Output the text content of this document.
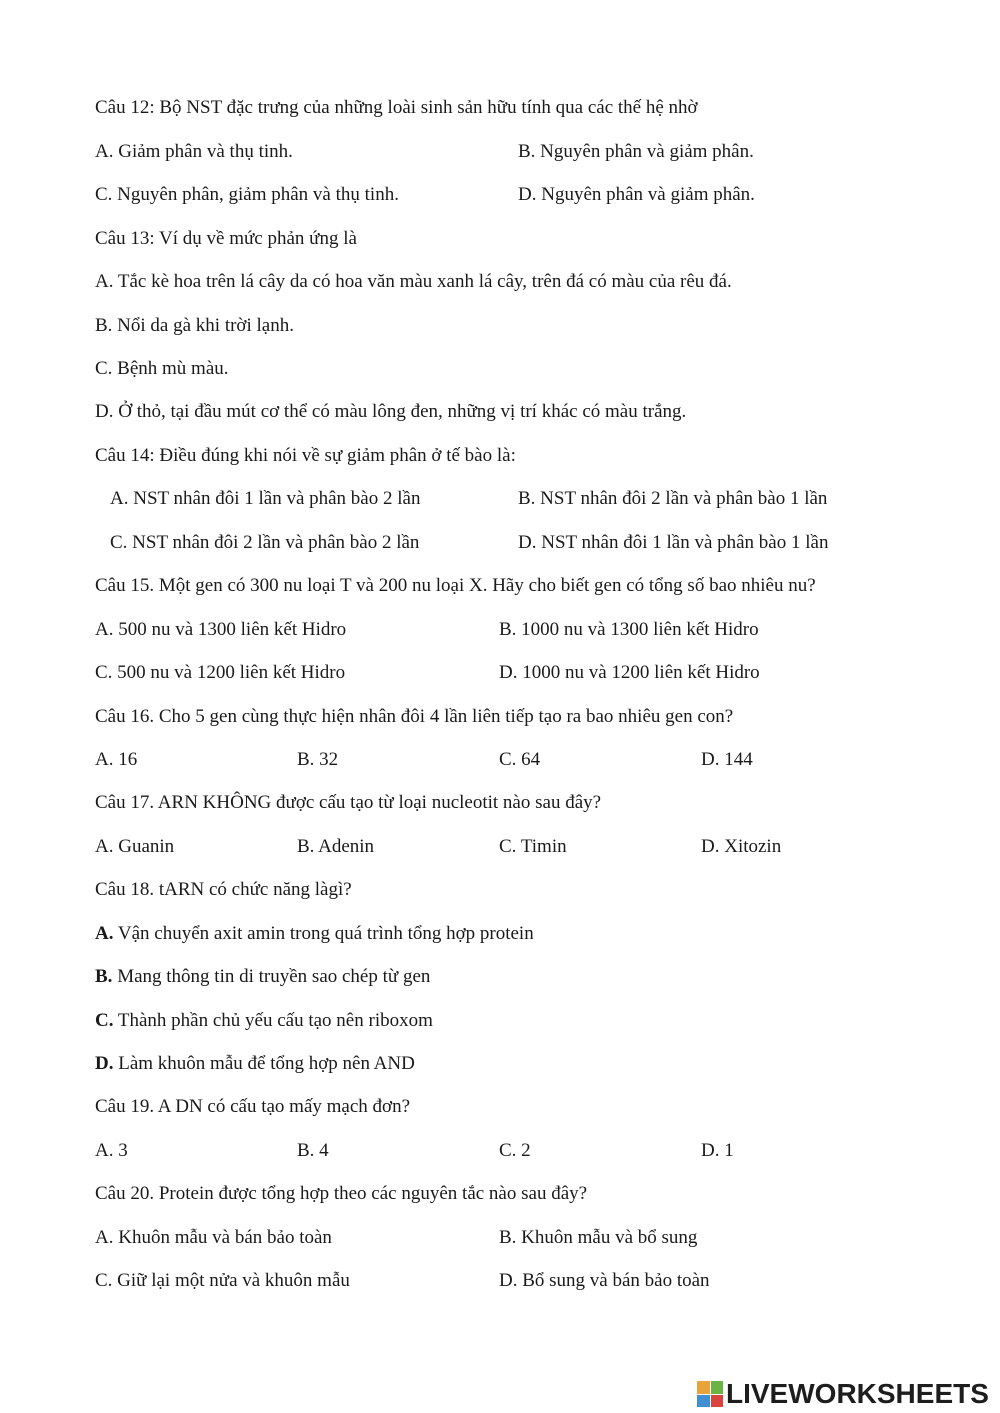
Câu 12: Bộ NST đặc trưng của những loài sinh sản hữu tính qua các thế hệ nhờ
A. Giảm phân và thụ tinh.	B. Nguyên phân và giảm phân.
C. Nguyên phân, giảm phân và thụ tinh.	D. Nguyên phân và giảm phân.
Câu 13: Ví dụ về mức phản ứng là
A. Tắc kè hoa trên lá cây da có hoa văn màu xanh lá cây, trên đá có màu của rêu đá.
B. Nổi da gà khi trời lạnh.
C. Bệnh mù màu.
D. Ở thỏ, tại đầu mút cơ thể có màu lông đen, những vị trí khác có màu trắng.
Câu 14: Điều đúng khi nói về sự giảm phân ở tế bào là:
A. NST nhân đôi 1 lần và phân bào 2 lần	B. NST nhân đôi 2 lần và phân bào 1 lần
C. NST nhân đôi 2 lần và phân bào 2 lần	D. NST nhân đôi 1 lần và phân bào 1 lần
Câu 15. Một gen có 300 nu loại T và 200 nu loại X. Hãy cho biết gen có tổng số bao nhiêu nu?
A. 500 nu và 1300 liên kết Hidro	B. 1000 nu và 1300 liên kết Hidro
C. 500 nu và 1200 liên kết Hidro	D. 1000 nu và 1200 liên kết Hidro
Câu 16. Cho 5 gen cùng thực hiện nhân đôi 4 lần liên tiếp tạo ra bao nhiêu gen con?
A. 16	B. 32	C. 64	D. 144
Câu 17. ARN KHÔNG được cấu tạo từ loại nucleotit nào sau đây?
A. Guanin	B. Adenin	C. Timin	D. Xitozin
Câu 18. tARN có chức năng làgì?
A. Vận chuyển axit amin trong quá trình tổng hợp protein
B. Mang thông tin di truyền sao chép từ gen
C. Thành phần chủ yếu cấu tạo nên riboxom
D. Làm khuôn mẫu để tổng hợp nên AND
Câu 19. A DN có cấu tạo mấy mạch đơn?
A. 3	B. 4	C. 2	D. 1
Câu 20. Protein được tổng hợp theo các nguyên tắc nào sau đây?
A. Khuôn mẫu và bán bảo toàn	B. Khuôn mẫu và bổ sung
C. Giữ lại một nửa và khuôn mẫu	D. Bổ sung và bán bảo toàn
LIVEWORKSHEETS
